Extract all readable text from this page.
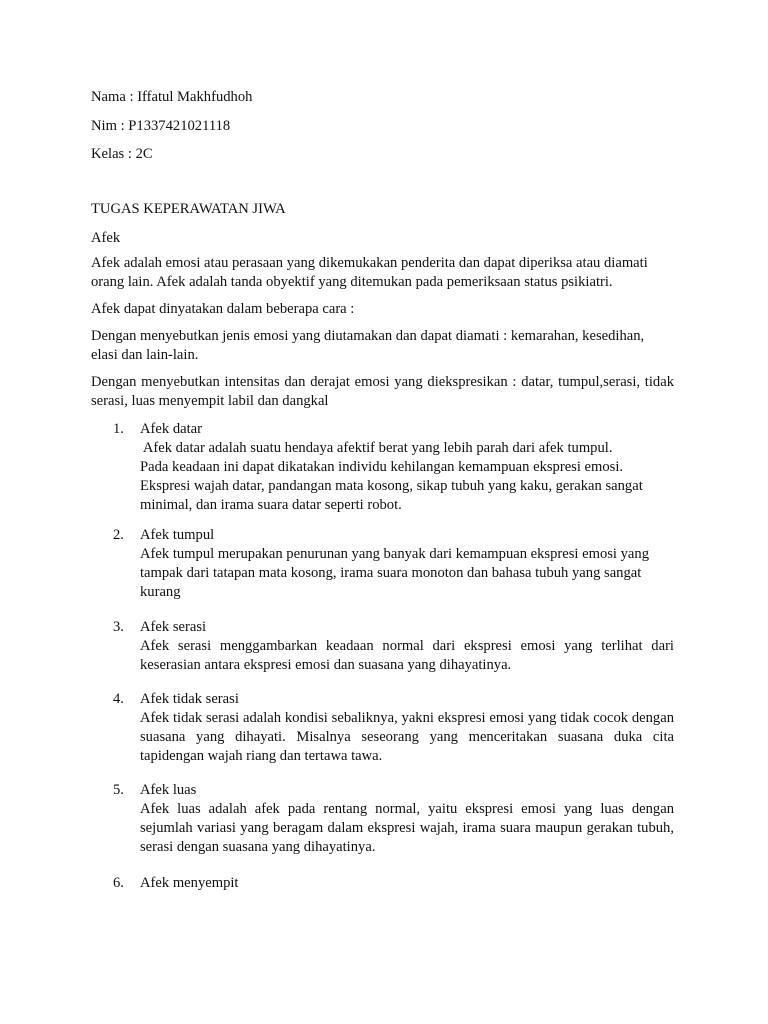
Nama : Iffatul Makhfudhoh
Nim : P1337421021118
Kelas : 2C
TUGAS KEPERAWATAN JIWA
Afek
Afek adalah emosi atau perasaan yang dikemukakan penderita dan dapat diperiksa atau diamati orang lain. Afek adalah tanda obyektif yang ditemukan pada pemeriksaan status psikiatri.
Afek dapat dinyatakan dalam beberapa cara :
Dengan menyebutkan jenis emosi yang diutamakan dan dapat diamati : kemarahan, kesedihan, elasi dan lain-lain.
Dengan menyebutkan intensitas dan derajat emosi yang diekspresikan : datar, tumpul,serasi, tidak serasi, luas menyempit labil dan dangkal
1.	Afek datar
Afek datar adalah suatu hendaya afektif berat yang lebih parah dari afek tumpul.
Pada keadaan ini dapat dikatakan individu kehilangan kemampuan ekspresi emosi.
Ekspresi wajah datar, pandangan mata kosong, sikap tubuh yang kaku, gerakan sangat
minimal, dan irama suara datar seperti robot.
2.	Afek tumpul
Afek tumpul merupakan penurunan yang banyak dari kemampuan ekspresi emosi yang tampak dari tatapan mata kosong, irama suara monoton dan bahasa tubuh yang sangat kurang
3.	Afek serasi
Afek serasi menggambarkan keadaan normal dari ekspresi emosi yang terlihat dari keserasian antara ekspresi emosi dan suasana yang dihayatinya.
4.	Afek tidak serasi
Afek tidak serasi adalah kondisi sebaliknya, yakni ekspresi emosi yang tidak cocok dengan suasana yang dihayati. Misalnya seseorang yang menceritakan suasana duka cita tapidengan wajah riang dan tertawa tawa.
5.	Afek luas
Afek luas adalah afek pada rentang normal, yaitu ekspresi emosi yang luas dengan sejumlah variasi yang beragam dalam ekspresi wajah, irama suara maupun gerakan tubuh, serasi dengan suasana yang dihayatinya.
6.	Afek menyempit
